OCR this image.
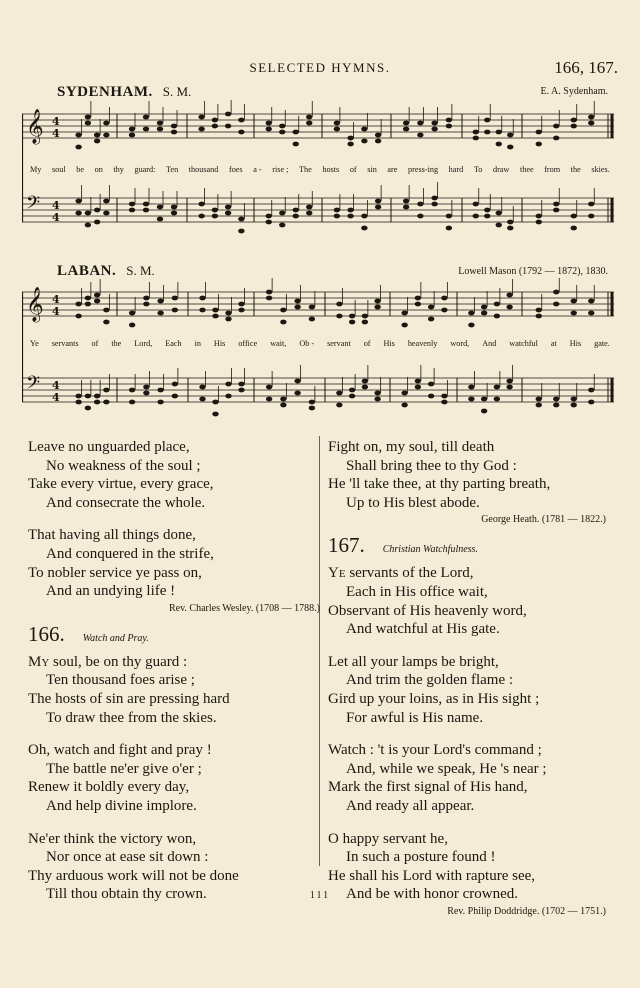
SELECTED HYMNS.	166, 167.
SYDENHAM. S. M.	E. A. Sydenham.
𝄞 4
4
𝄢 4
4
My soul be on thy guard: Ten thousand foes a - rise ; The hosts of sin are press-ing hard To draw thee from the skies.
LABAN. S. M.	Lowell Mason (1792 — 1872), 1830.
𝄞 4
4
𝄢 4
4
Ye servants of the Lord, Each in His office wait, Ob - servant of His heavenly word, And watchful at His gate.
Leave no unguarded place,
No weakness of the soul ;
Take every virtue, every grace,
And consecrate the whole.
That having all things done,
And conquered in the strife,
To nobler service ye pass on,
And an undying life !
Rev. Charles Wesley. (1708 — 1788.)
166. Watch and Pray.
My soul, be on thy guard :
Ten thousand foes arise ;
The hosts of sin are pressing hard
To draw thee from the skies.
Oh, watch and fight and pray !
The battle ne'er give o'er ;
Renew it boldly every day,
And help divine implore.
Ne'er think the victory won,
Nor once at ease sit down :
Thy arduous work will not be done
Till thou obtain thy crown.
Fight on, my soul, till death
Shall bring thee to thy God :
He 'll take thee, at thy parting breath,
Up to His blest abode.
George Heath. (1781 — 1822.)
167. Christian Watchfulness.
Ye servants of the Lord,
Each in His office wait,
Observant of His heavenly word,
And watchful at His gate.
Let all your lamps be bright,
And trim the golden flame :
Gird up your loins, as in His sight ;
For awful is His name.
Watch : 't is your Lord's command ;
And, while we speak, He 's near ;
Mark the first signal of His hand,
And ready all appear.
O happy servant he,
In such a posture found !
He shall his Lord with rapture see,
And be with honor crowned.
Rev. Philip Doddridge. (1702 — 1751.)
111
